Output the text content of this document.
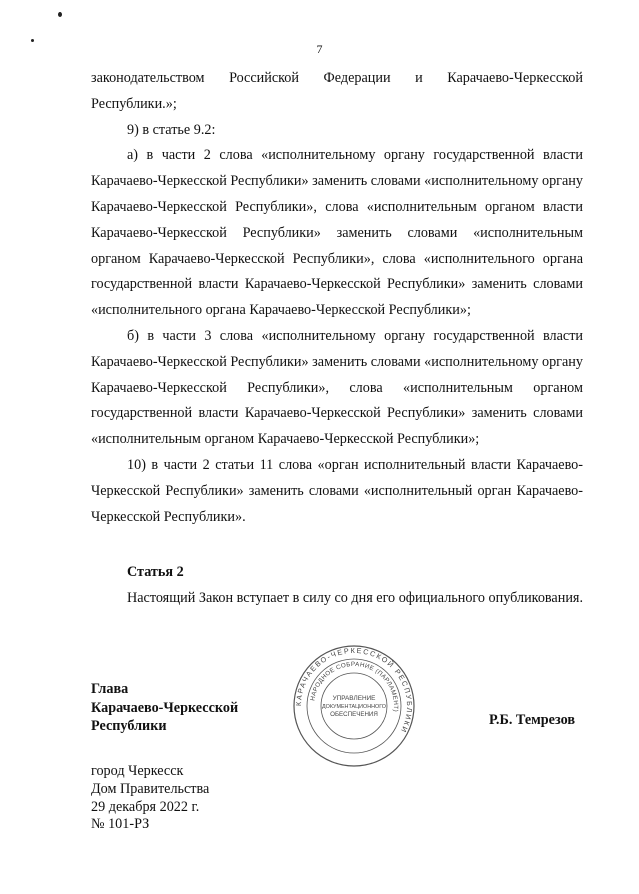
7

законодательством Российской Федерации и Карачаево-Черкесской Республики.»;

9) в статье 9.2:

а) в части 2 слова «исполнительному органу государственной власти Карачаево-Черкесской Республики» заменить словами «исполнительному органу Карачаево-Черкесской Республики», слова «исполнительным органом власти Карачаево-Черкесской Республики» заменить словами «исполнительным органом Карачаево-Черкесской Республики», слова «исполнительного органа государственной власти Карачаево-Черкесской Республики» заменить словами «исполнительного органа Карачаево-Черкесской Республики»;

б) в части 3 слова «исполнительному органу государственной власти Карачаево-Черкесской Республики» заменить словами «исполнительному органу Карачаево-Черкесской Республики», слова «исполнительным органом государственной власти Карачаево-Черкесской Республики» заменить словами «исполнительным органом Карачаево-Черкесской Республики»;

10) в части 2 статьи 11 слова «орган исполнительный власти Карачаево-Черкесской Республики» заменить словами «исполнительный орган Карачаево-Черкесской Республики».

Статья 2

Настоящий Закон вступает в силу со дня его официального опубликования.

Глава
Карачаево-Черкесской
Республики
КАРАЧАЕВО-ЧЕРКЕССКОЙ РЕСПУБЛИКИ
НАРОДНОЕ СОБРАНИЕ (ПАРЛАМЕНТ)
УПРАВЛЕНИЕ
ДОКУМЕНТАЦИОННОГО
ОБЕСПЕЧЕНИЯ	Р.Б. Темрезов
город Черкесск
Дом Правительства
29 декабря 2022 г.
№ 101-РЗ
